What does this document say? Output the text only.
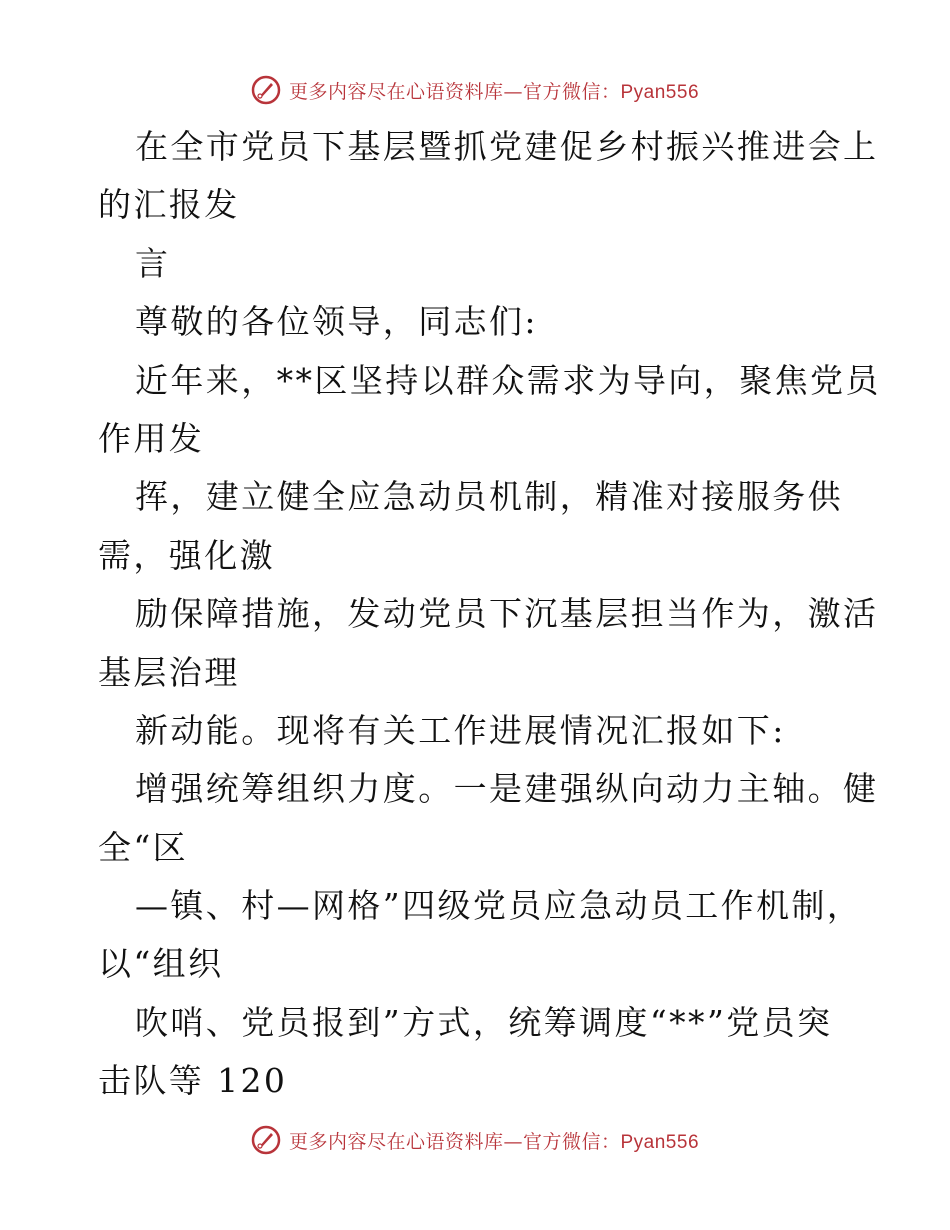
更多内容尽在心语资料库—官方微信：Pyan556
在全市党员下基层暨抓党建促乡村振兴推进会上
的汇报发
言
尊敬的各位领导，同志们:
近年来，**区坚持以群众需求为导向，聚焦党员
作用发
挥，建立健全应急动员机制，精准对接服务供
需，强化激
励保障措施，发动党员下沉基层担当作为，激活
基层治理
新动能。现将有关工作进展情况汇报如下:
增强统筹组织力度。一是建强纵向动力主轴。健
全“区
—镇、村—网格”四级党员应急动员工作机制，
以“组织
吹哨、党员报到”方式，统筹调度“**”党员突
击队等 120
更多内容尽在心语资料库—官方微信：Pyan556
